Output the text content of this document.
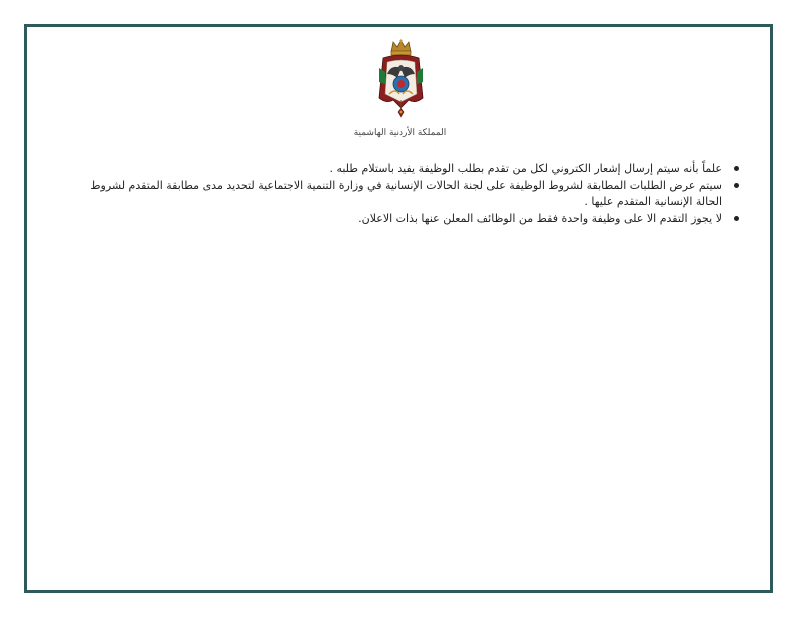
المملكة الأردنية الهاشمية
علماً بأنه سيتم إرسال إشعار الكتروني لكل من تقدم بطلب الوظيفة يفيد باستلام طلبه .
سيتم عرض الطلبات المطابقة لشروط الوظيفة على لجنة الحالات الإنسانية في وزارة التنمية الاجتماعية لتحديد مدى مطابقة المتقدم لشروط الحالة الإنسانية المتقدم عليها .
لا يجوز التقدم الا على وظيفة واحدة فقط من الوظائف المعلن عنها بذات الاعلان.
